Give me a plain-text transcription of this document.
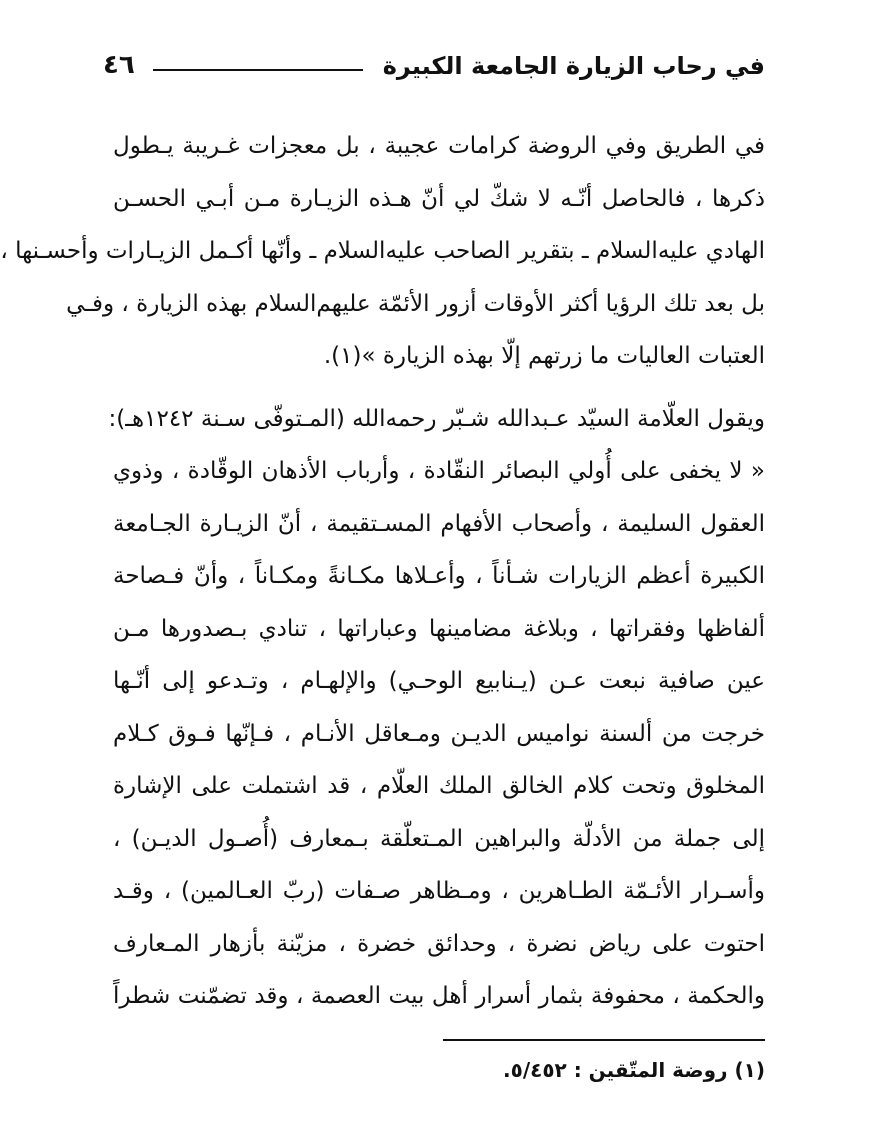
في رحاب الزيارة الجامعة الكبيرة
٤٦

في الطريق وفي الروضة كرامات عجيبة ، بل معجزات غـريبة يـطول
ذكرها ، فالحاصل أنّـه لا شكّ لي أنّ هـذه الزيـارة مـن أبـي الحسـن
الهادي عليه‌السلام ـ بتقرير الصاحب عليه‌السلام ـ وأنّها أكـمل الزيـارات وأحسـنها ،
بل بعد تلك الرؤيا أكثر الأوقات أزور الأئمّة عليهم‌السلام بهذه الزيارة ، وفـي
العتبات العاليات ما زرتهم إلّا بهذه الزيارة »(١).

ويقول العلّامة السيّد عـبدالله شـبّر رحمه‌الله (المـتوفّى سـنة ١٢٤٢هـ):
« لا يخفى على أُولي البصائر النقّادة ، وأرباب الأذهان الوقّادة ، وذوي
العقول السليمة ، وأصحاب الأفهام المسـتقيمة ، أنّ الزيـارة الجـامعة
الكبيرة أعظم الزيارات شـأناً ، وأعـلاها مكـانةً ومكـاناً ، وأنّ فـصاحة
ألفاظها وفقراتها ، وبلاغة مضامينها وعباراتها ، تنادي بـصدورها مـن
عين صافية نبعت عـن (يـنابيع الوحـي) والإلهـام ، وتـدعو إلى أنّـها
خرجت من ألسنة نواميس الديـن ومـعاقل الأنـام ، فـإنّها فـوق كـلام
المخلوق وتحت كلام الخالق الملك العلّام ، قد اشتملت على الإشارة
إلى جملة من الأدلّة والبراهين المـتعلّقة بـمعارف (أُصـول الديـن) ،
وأسـرار الأئـمّة الطـاهرين ، ومـظاهر صـفات (ربّ العـالمين) ، وقـد
احتوت على رياض نضرة ، وحدائق خضرة ، مزيّنة بأزهار المـعارف
والحكمة ، محفوفة بثمار أسرار أهل بيت العصمة ، وقد تضمّنت شطراً

(١) روضة المتّقين : ٥/٤٥٢.
